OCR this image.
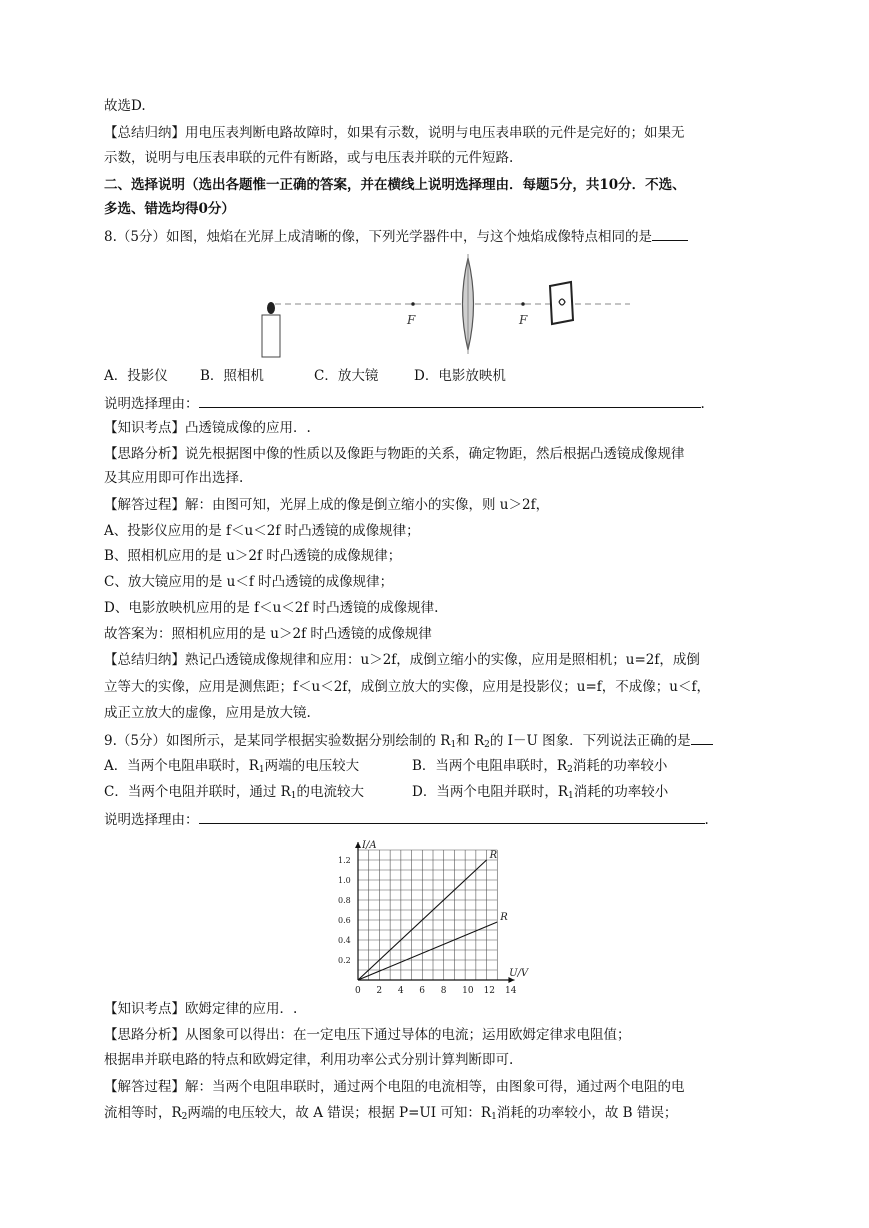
故选D.
【总结归纳】用电压表判断电路故障时，如果有示数，说明与电压表串联的元件是完好的；如果无
示数，说明与电压表串联的元件有断路，或与电压表并联的元件短路.
二、选择说明（选出各题惟一正确的答案，并在横线上说明选择理由．每题5分，共10分．不选、
多选、错选均得0分）
8.（5分）如图，烛焰在光屏上成清晰的像，下列光学器件中，与这个烛焰成像特点相同的是
F	F
A．投影仪 B．照相机	C．放大镜	D．电影放映机
说明选择理由：	.
【知识考点】凸透镜成像的应用．.
【思路分析】说先根据图中像的性质以及像距与物距的关系，确定物距，然后根据凸透镜成像规律
及其应用即可作出选择.
【解答过程】解：由图可知，光屏上成的像是倒立缩小的实像，则 u＞2f，
A、投影仪应用的是 f＜u＜2f 时凸透镜的成像规律；
B、照相机应用的是 u＞2f 时凸透镜的成像规律；
C、放大镜应用的是 u＜f 时凸透镜的成像规律；
D、电影放映机应用的是 f＜u＜2f 时凸透镜的成像规律.
故答案为：照相机应用的是 u＞2f 时凸透镜的成像规律
【总结归纳】熟记凸透镜成像规律和应用：u＞2f，成倒立缩小的实像，应用是照相机；u=2f，成倒
立等大的实像，应用是测焦距；f＜u＜2f，成倒立放大的实像，应用是投影仪；u=f，不成像；u＜f，
成正立放大的虚像，应用是放大镜.
9.（5分）如图所示，是某同学根据实验数据分别绘制的 $R_1$和 $R_2$的 I－U 图象．下列说法正确的是
A．当两个电阻串联时，$R_1$两端的电压较大	B．当两个电阻串联时，$R_2$消耗的功率较小
C．当两个电阻并联时，通过 $R_1$的电流较大	D．当两个电阻并联时，$R_1$消耗的功率较小
说明选择理由：	.
0 2 4 6 8 10 12 14
0.2
0.4
0.6
0.8
1.0
1.2
U/V
I/A
R
R
【知识考点】欧姆定律的应用．.
【思路分析】从图象可以得出：在一定电压下通过导体的电流；运用欧姆定律求电阻值；
根据串并联电路的特点和欧姆定律，利用功率公式分别计算判断即可.
【解答过程】解：当两个电阻串联时，通过两个电阻的电流相等，由图象可得，通过两个电阻的电
流相等时，$R_2$两端的电压较大，故 A 错误；根据 P=UI 可知：$R_1$消耗的功率较小，故 B 错误；
